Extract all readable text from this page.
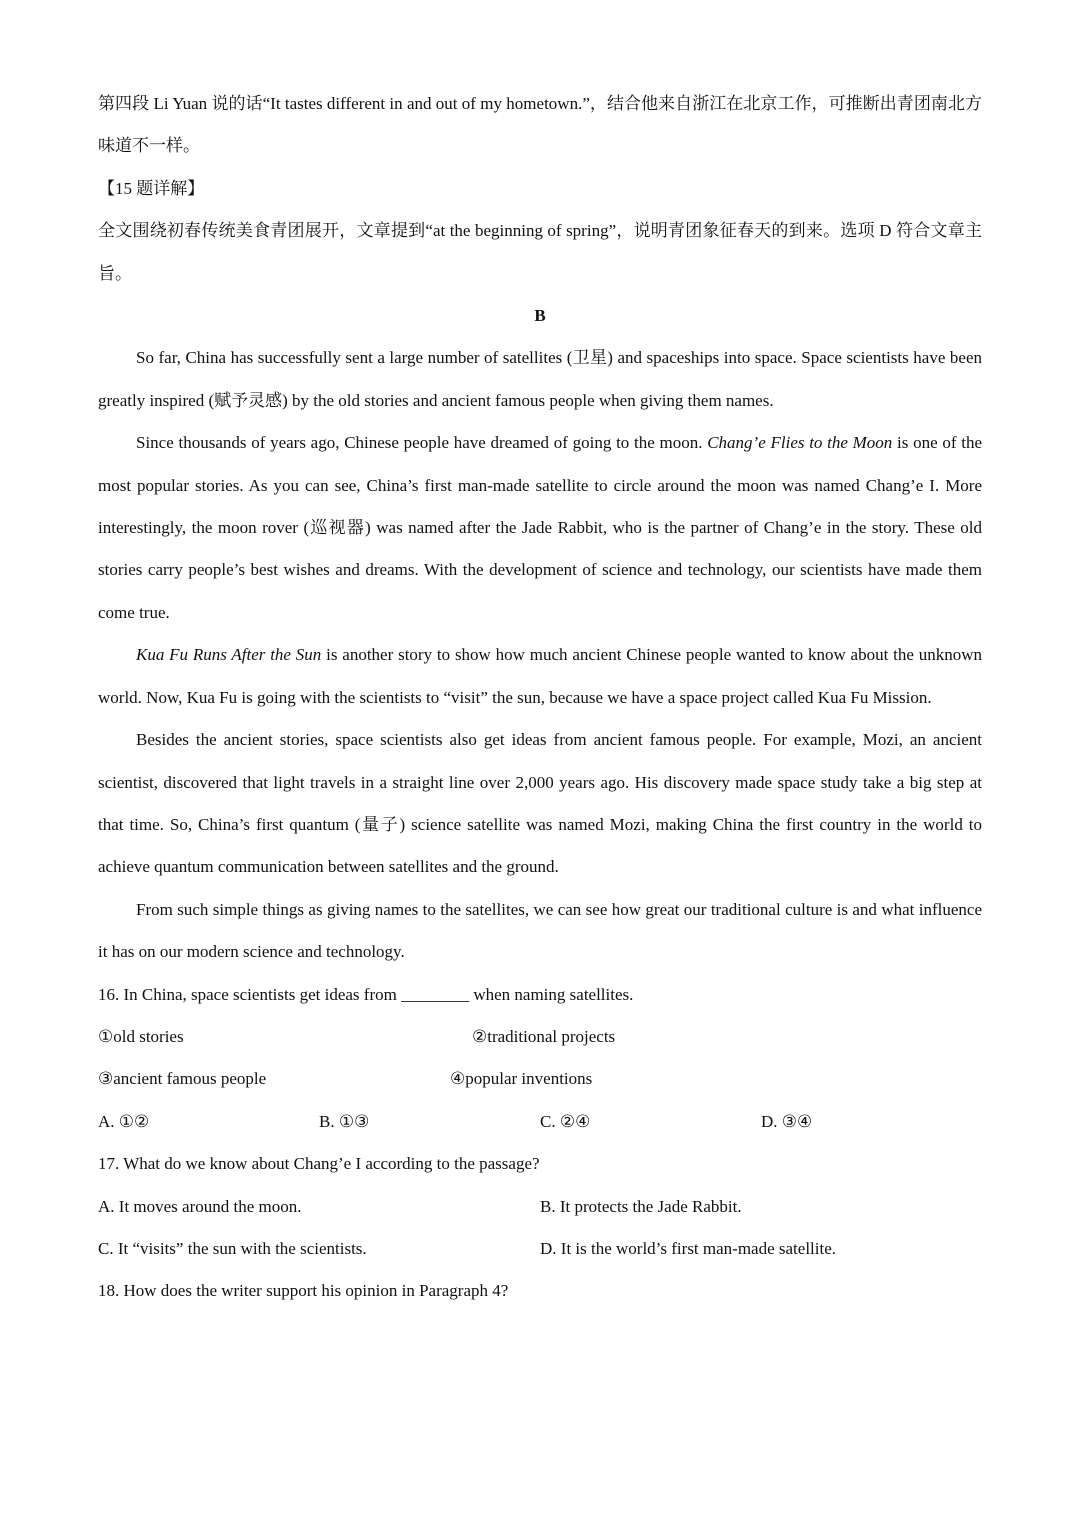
第四段 Li Yuan 说的话“It tastes different in and out of my hometown.”，结合他来自浙江在北京工作，可推断出青团南北方味道不一样。
【15 题详解】
全文围绕初春传统美食青团展开，文章提到“at the beginning of spring”，说明青团象征春天的到来。选项 D 符合文章主旨。
B

So far, China has successfully sent a large number of satellites (卫星) and spaceships into space. Space scientists have been greatly inspired (赋予灵感) by the old stories and ancient famous people when giving them names.

Since thousands of years ago, Chinese people have dreamed of going to the moon. Chang’e Flies to the Moon is one of the most popular stories. As you can see, China’s first man-made satellite to circle around the moon was named Chang’e I. More interestingly, the moon rover (巡视器) was named after the Jade Rabbit, who is the partner of Chang’e in the story. These old stories carry people’s best wishes and dreams. With the development of science and technology, our scientists have made them come true.

Kua Fu Runs After the Sun is another story to show how much ancient Chinese people wanted to know about the unknown world. Now, Kua Fu is going with the scientists to “visit” the sun, because we have a space project called Kua Fu Mission.

Besides the ancient stories, space scientists also get ideas from ancient famous people. For example, Mozi, an ancient scientist, discovered that light travels in a straight line over 2,000 years ago. His discovery made space study take a big step at that time. So, China’s first quantum (量子) science satellite was named Mozi, making China the first country in the world to achieve quantum communication between satellites and the ground.

From such simple things as giving names to the satellites, we can see how great our traditional culture is and what influence it has on our modern science and technology.

16. In China, space scientists get ideas from ________ when naming satellites.
①old stories	②traditional projects
③ancient famous people	④popular inventions
A. ①②	B. ①③	C. ②④	D. ③④
17. What do we know about Chang’e I according to the passage?
A. It moves around the moon.	B. It protects the Jade Rabbit.
C. It “visits” the sun with the scientists.	D. It is the world’s first man-made satellite.
18. How does the writer support his opinion in Paragraph 4?
